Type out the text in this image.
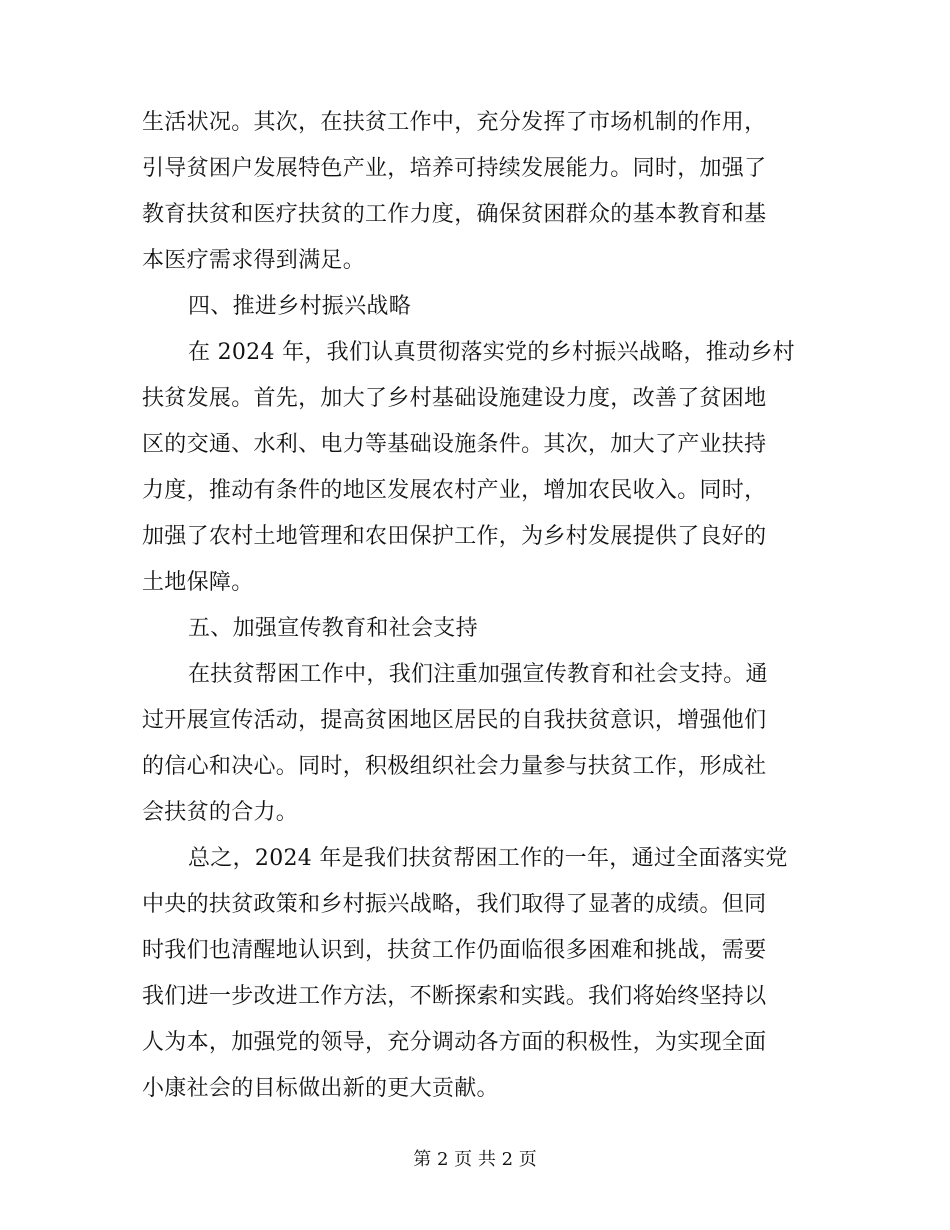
生活状况。其次，在扶贫工作中，充分发挥了市场机制的作用，
引导贫困户发展特色产业，培养可持续发展能力。同时，加强了
教育扶贫和医疗扶贫的工作力度，确保贫困群众的基本教育和基
本医疗需求得到满足。
四、推进乡村振兴战略
在 2024 年，我们认真贯彻落实党的乡村振兴战略，推动乡村
扶贫发展。首先，加大了乡村基础设施建设力度，改善了贫困地
区的交通、水利、电力等基础设施条件。其次，加大了产业扶持
力度，推动有条件的地区发展农村产业，增加农民收入。同时，
加强了农村土地管理和农田保护工作，为乡村发展提供了良好的
土地保障。
五、加强宣传教育和社会支持
在扶贫帮困工作中，我们注重加强宣传教育和社会支持。通
过开展宣传活动，提高贫困地区居民的自我扶贫意识，增强他们
的信心和决心。同时，积极组织社会力量参与扶贫工作，形成社
会扶贫的合力。
总之，2024 年是我们扶贫帮困工作的一年，通过全面落实党
中央的扶贫政策和乡村振兴战略，我们取得了显著的成绩。但同
时我们也清醒地认识到，扶贫工作仍面临很多困难和挑战，需要
我们进一步改进工作方法，不断探索和实践。我们将始终坚持以
人为本，加强党的领导，充分调动各方面的积极性，为实现全面
小康社会的目标做出新的更大贡献。
第 2 页 共 2 页
